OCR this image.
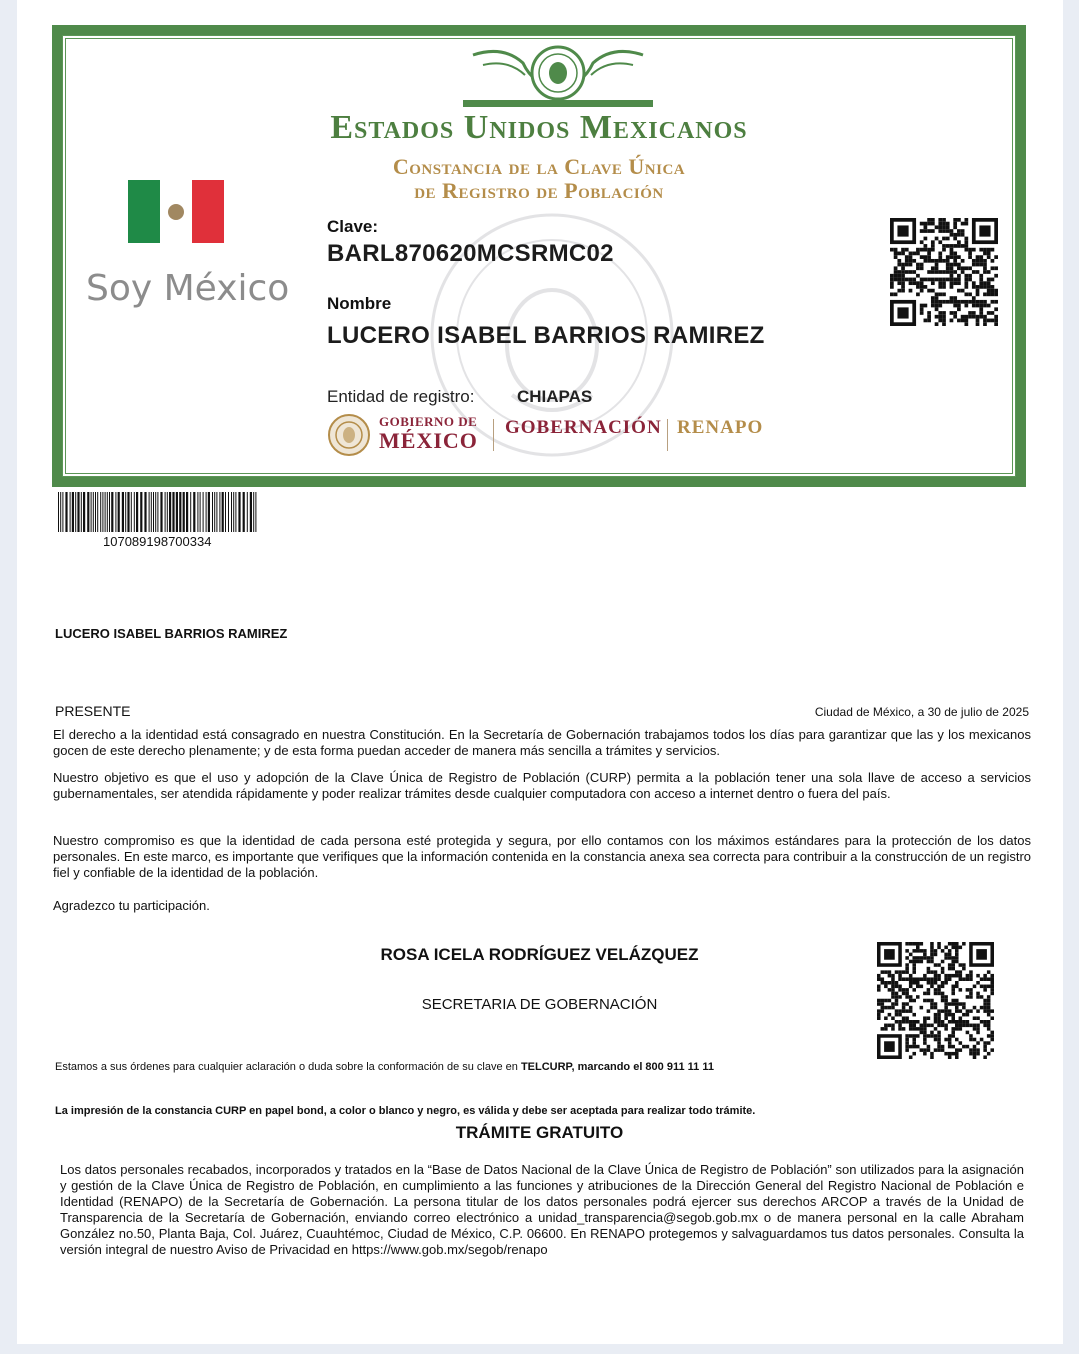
Estados Unidos Mexicanos
Constancia de la Clave Única
de Registro de Población
Soy México
Clave:
BARL870620MCSRMC02
Nombre
LUCERO ISABEL BARRIOS RAMIREZ
Entidad de registro:	CHIAPAS
GOBIERNO DE
MÉXICO
GOBERNACIÓN RENAPO
107089198700334
LUCERO ISABEL BARRIOS RAMIREZ
PRESENTE	Ciudad de México, a 30 de julio de 2025
El derecho a la identidad está consagrado en nuestra Constitución. En la Secretaría de Gobernación trabajamos todos los días para garantizar que las y los mexicanos gocen de este derecho plenamente; y de esta forma puedan acceder de manera más sencilla a trámites y servicios.
Nuestro objetivo es que el uso y adopción de la Clave Única de Registro de Población (CURP) permita a la población tener una sola llave de acceso a servicios gubernamentales, ser atendida rápidamente y poder realizar trámites desde cualquier computadora con acceso a internet dentro o fuera del país.
Nuestro compromiso es que la identidad de cada persona esté protegida y segura, por ello contamos con los máximos estándares para la protección de los datos personales. En este marco, es importante que verifiques que la información contenida en la constancia anexa sea correcta para contribuir a la construcción de un registro fiel y confiable de la identidad de la población.
Agradezco tu participación.
ROSA ICELA RODRÍGUEZ VELÁZQUEZ
SECRETARIA DE GOBERNACIÓN
Estamos a sus órdenes para cualquier aclaración o duda sobre la conformación de su clave en TELCURP, marcando el 800 911 11 11
La impresión de la constancia CURP en papel bond, a color o blanco y negro, es válida y debe ser aceptada para realizar todo trámite.
TRÁMITE GRATUITO
Los datos personales recabados, incorporados y tratados en la “Base de Datos Nacional de la Clave Única de Registro de Población” son utilizados para la asignación y gestión de la Clave Única de Registro de Población, en cumplimiento a las funciones y atribuciones de la Dirección General del Registro Nacional de Población e Identidad (RENAPO) de la Secretaría de Gobernación. La persona titular de los datos personales podrá ejercer sus derechos ARCOP a través de la Unidad de Transparencia de la Secretaría de Gobernación, enviando correo electrónico a unidad_transparencia@segob.gob.mx o de manera personal en la calle Abraham González no.50, Planta Baja, Col. Juárez, Cuauhtémoc, Ciudad de México, C.P. 06600. En RENAPO protegemos y salvaguardamos tus datos personales. Consulta la versión integral de nuestro Aviso de Privacidad en https://www.gob.mx/segob/renapo
